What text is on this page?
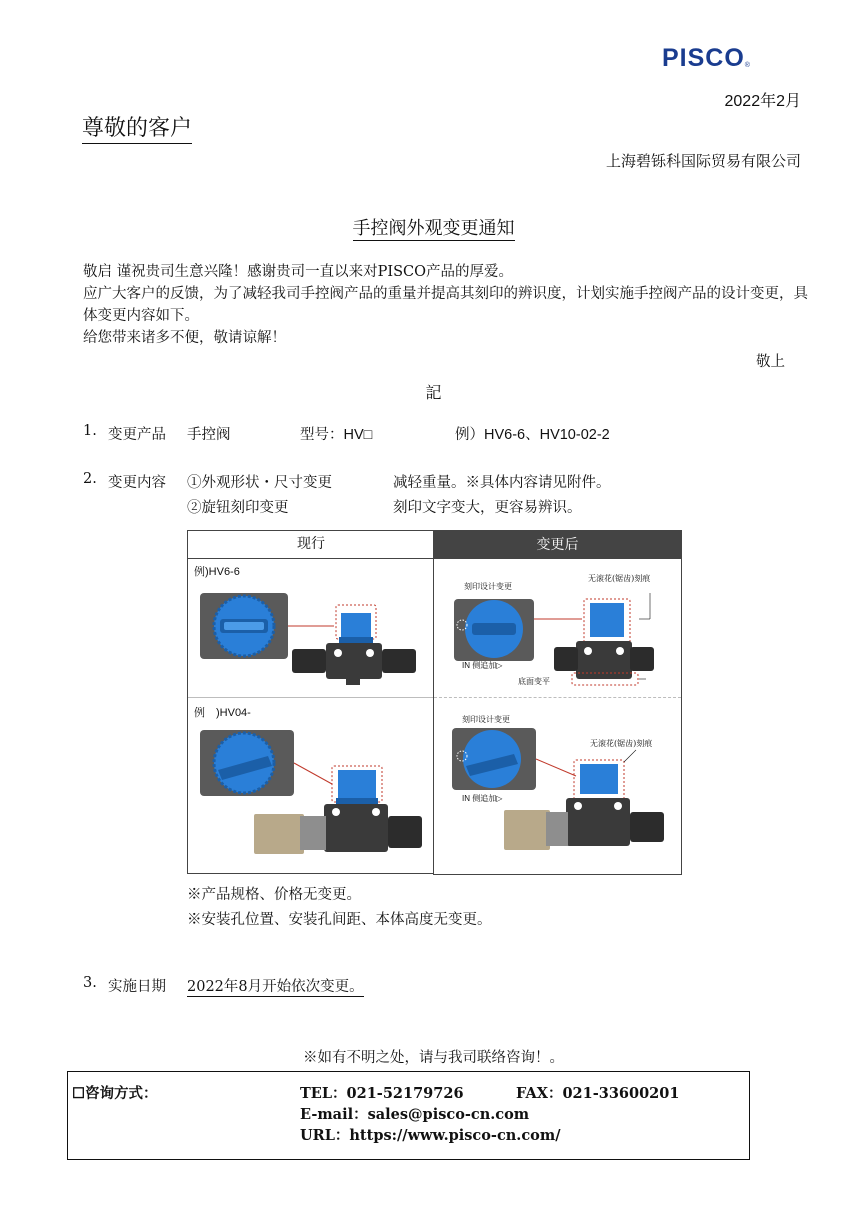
PISCO®
2022年2月
尊敬的客户
上海碧铄科国际贸易有限公司
手控阀外观变更通知
敬启 谨祝贵司生意兴隆！感谢贵司一直以来对PISCO产品的厚爱。
应广大客户的反馈，为了减轻我司手控阀产品的重量并提高其刻印的辨识度，计划实施手控阀产品的设计变更，具体变更内容如下。
给您带来诸多不便，敬请谅解！
敬上
記
1. 变更产品 手控阀	型号：HV□	例）HV6-6、HV10-02-2
2. 变更内容 ①外观形状・尺寸变更	减轻重量。※具体内容请见附件。
②旋钮刻印变更	刻印文字变大，更容易辨识。
现行
例)HV6-6
例　)HV04-
变更后
刻印设计变更
无滚花(锯齿)刻痕
IN 侧追加▷
底面变平
刻印设计变更
无滚花(锯齿)刻痕
IN 侧追加▷
※产品规格、价格无变更。
※安装孔位置、安装孔间距、本体高度无变更。
3. 实施日期 2022年8月开始依次变更。
※如有不明之处，请与我司联络咨询！。
☐咨询方式：	TEL：021-52179726	FAX：021-33600201
E-mail：sales@pisco-cn.com
URL：https://www.pisco-cn.com/
